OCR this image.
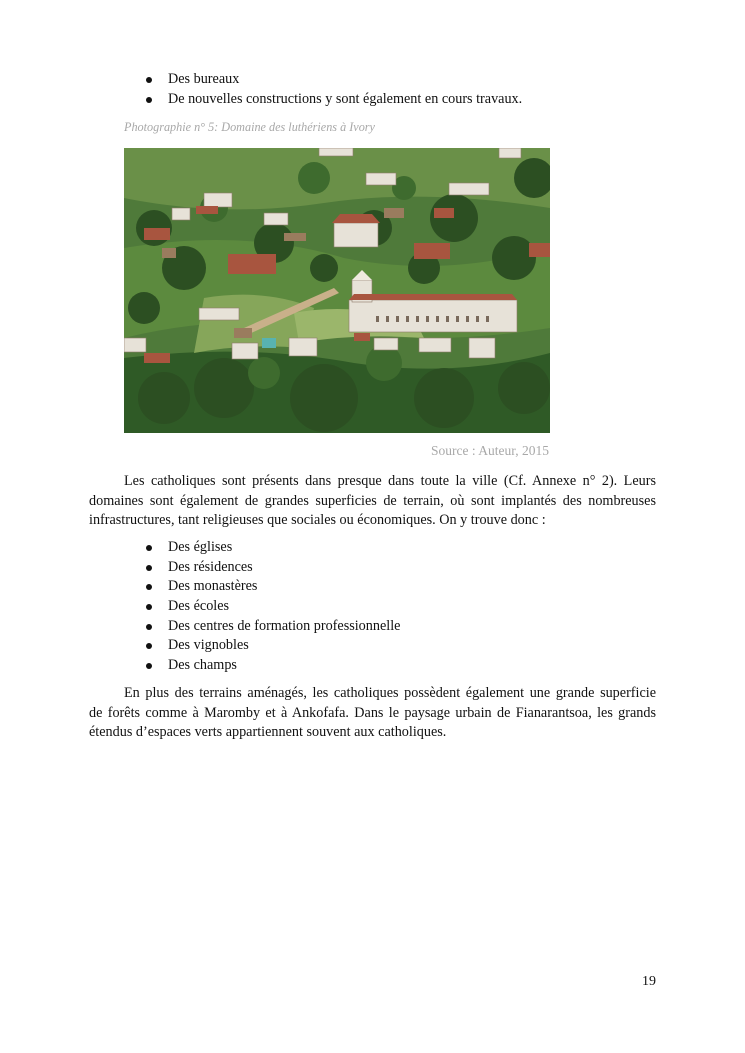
Des bureaux
De nouvelles constructions y sont également en cours travaux.
Photographie n° 5: Domaine des luthériens à Ivory
Source : Auteur, 2015
Les catholiques sont présents dans presque dans toute la ville (Cf. Annexe n° 2). Leurs
domaines sont également de grandes superficies de terrain, où sont implantés des nombreuses
infrastructures, tant religieuses que sociales ou économiques. On y trouve donc :
Des églises
Des résidences
Des monastères
Des écoles
Des centres de formation professionnelle
Des vignobles
Des champs
En plus des terrains aménagés, les catholiques possèdent également une grande superficie
de forêts comme à Maromby et à Ankofafa. Dans le paysage urbain de Fianarantsoa, les grands
étendus d’espaces verts appartiennent souvent aux catholiques.
19
